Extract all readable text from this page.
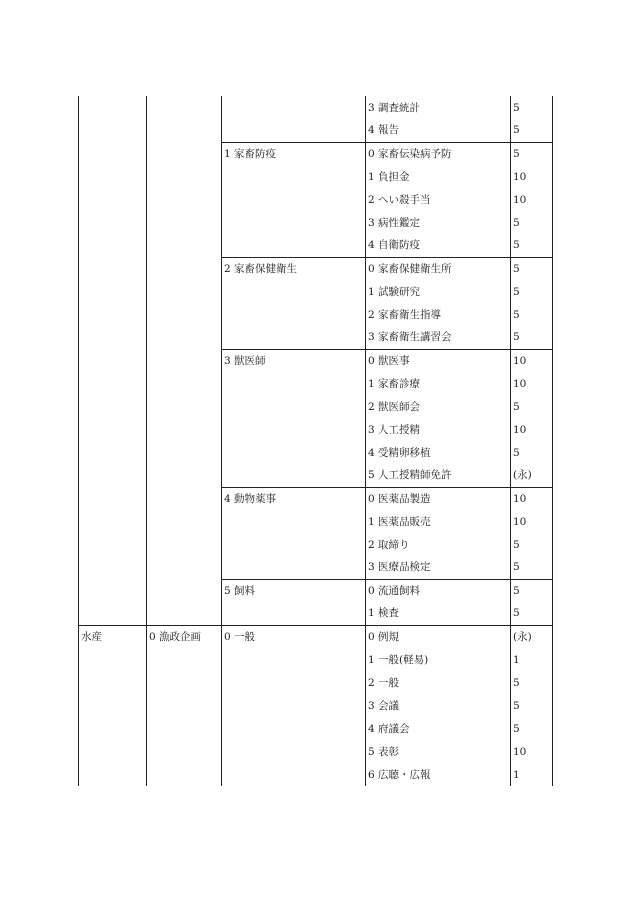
			3 調査統計	5
			4 報告	5
		1 家畜防疫	0 家畜伝染病予防	5
			1 負担金	10
			2 へい殺手当	10
			3 病性鑑定	5
			4 自衛防疫	5
		2 家畜保健衛生	0 家畜保健衛生所	5
			1 試験研究	5
			2 家畜衛生指導	5
			3 家畜衛生講習会	5
		3 獣医師	0 獣医事	10
			1 家畜診療	10
			2 獣医師会	5
			3 人工授精	10
			4 受精卵移植	5
			5 人工授精師免許	(永)
		4 動物薬事	0 医薬品製造	10
			1 医薬品販売	10
			2 取締り	5
			3 医療品検定	5
		5 飼料	0 流通飼料	5
			1 検査	5
水産	0 漁政企画	0 一般	0 例規	(永)
			1 一般(軽易)	1
			2 一般	5
			3 会議	5
			4 府議会	5
			5 表彰	10
			6 広聴・広報	1
